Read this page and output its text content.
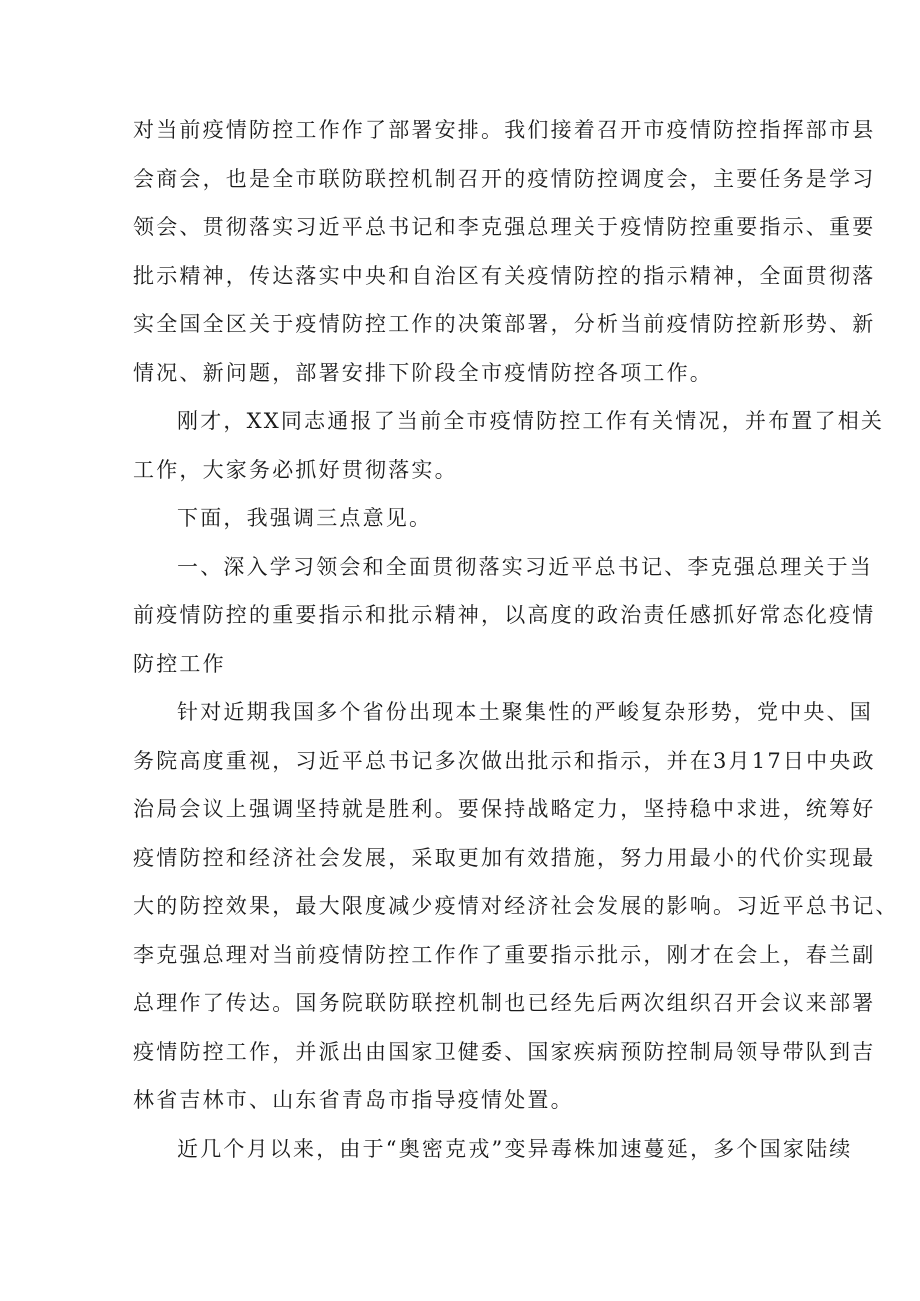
对当前疫情防控工作作了部署安排。我们接着召开市疫情防控指挥部市县
会商会，也是全市联防联控机制召开的疫情防控调度会，主要任务是学习
领会、贯彻落实习近平总书记和李克强总理关于疫情防控重要指示、重要
批示精神，传达落实中央和自治区有关疫情防控的指示精神，全面贯彻落
实全国全区关于疫情防控工作的决策部署，分析当前疫情防控新形势、新
情况、新问题，部署安排下阶段全市疫情防控各项工作。
刚才，XX同志通报了当前全市疫情防控工作有关情况，并布置了相关
工作，大家务必抓好贯彻落实。
下面，我强调三点意见。
一、深入学习领会和全面贯彻落实习近平总书记、李克强总理关于当
前疫情防控的重要指示和批示精神，以高度的政治责任感抓好常态化疫情
防控工作
针对近期我国多个省份出现本土聚集性的严峻复杂形势，党中央、国
务院高度重视，习近平总书记多次做出批示和指示，并在3月17日中央政
治局会议上强调坚持就是胜利。要保持战略定力，坚持稳中求进，统筹好
疫情防控和经济社会发展，采取更加有效措施，努力用最小的代价实现最
大的防控效果，最大限度减少疫情对经济社会发展的影响。习近平总书记、
李克强总理对当前疫情防控工作作了重要指示批示，刚才在会上，春兰副
总理作了传达。国务院联防联控机制也已经先后两次组织召开会议来部署
疫情防控工作，并派出由国家卫健委、国家疾病预防控制局领导带队到吉
林省吉林市、山东省青岛市指导疫情处置。
近几个月以来，由于“奥密克戎”变异毒株加速蔓延，多个国家陆续
